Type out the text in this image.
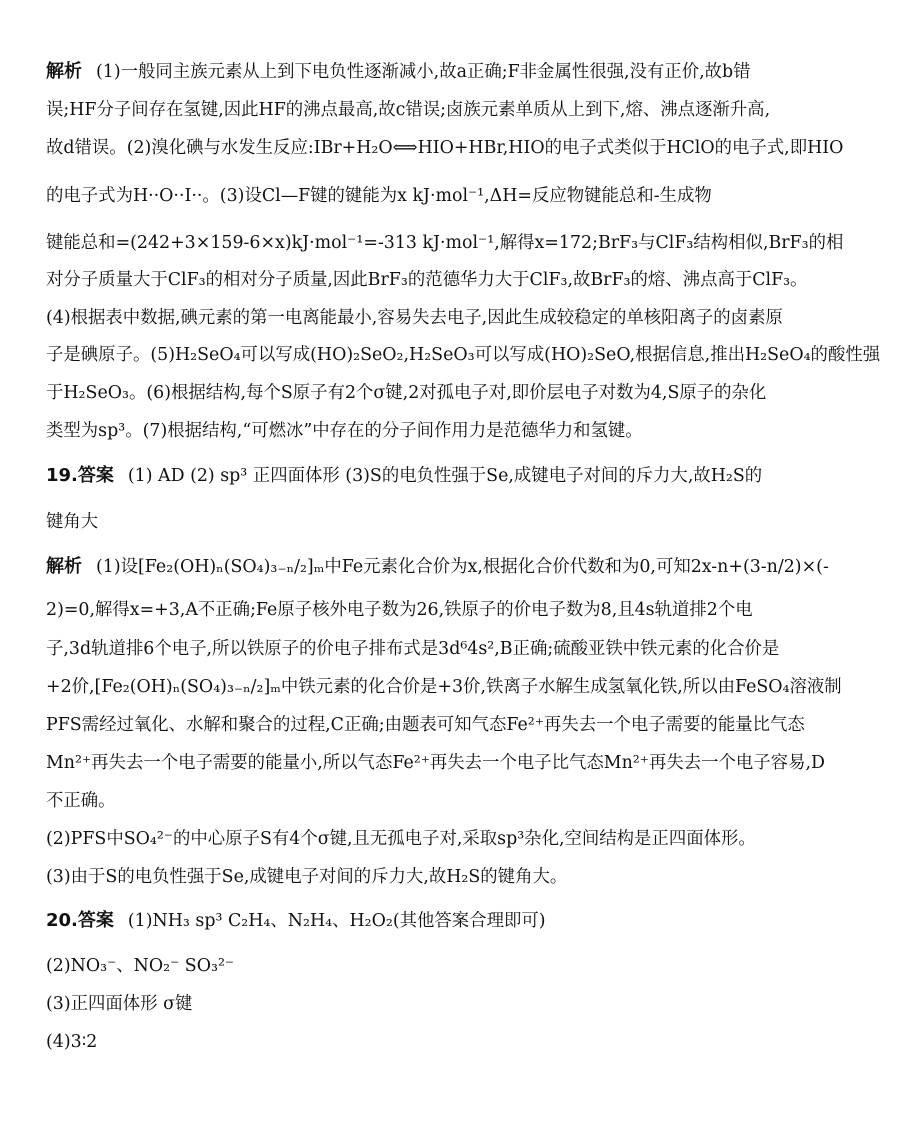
解析 (1)一般同主族元素从上到下电负性逐渐减小,故a正确;F非金属性很强,没有正价,故b错
误;HF分子间存在氢键,因此HF的沸点最高,故c错误;卤族元素单质从上到下,熔、沸点逐渐升高,
故d错误。(2)溴化碘与水发生反应:IBr+H₂O⟺HIO+HBr,HIO的电子式类似于HClO的电子式,即HIO
的电子式为H··O··I··。(3)设Cl—F键的键能为x kJ·mol⁻¹,ΔH=反应物键能总和-生成物
键能总和=(242+3×159-6×x)kJ·mol⁻¹=-313 kJ·mol⁻¹,解得x=172;BrF₃与ClF₃结构相似,BrF₃的相
对分子质量大于ClF₃的相对分子质量,因此BrF₃的范德华力大于ClF₃,故BrF₃的熔、沸点高于ClF₃。
(4)根据表中数据,碘元素的第一电离能最小,容易失去电子,因此生成较稳定的单核阳离子的卤素原
子是碘原子。(5)H₂SeO₄可以写成(HO)₂SeO₂,H₂SeO₃可以写成(HO)₂SeO,根据信息,推出H₂SeO₄的酸性强
于H₂SeO₃。(6)根据结构,每个S原子有2个σ键,2对孤电子对,即价层电子对数为4,S原子的杂化
类型为sp³。(7)根据结构,“可燃冰”中存在的分子间作用力是范德华力和氢键。
19.答案 (1) AD (2) sp³ 正四面体形 (3)S的电负性强于Se,成键电子对间的斥力大,故H₂S的
键角大
解析 (1)设[Fe₂(OH)ₙ(SO₄)₃₋ₙ/₂]ₘ中Fe元素化合价为x,根据化合价代数和为0,可知2x-n+(3-n/2)×(-
2)=0,解得x=+3,A不正确;Fe原子核外电子数为26,铁原子的价电子数为8,且4s轨道排2个电
子,3d轨道排6个电子,所以铁原子的价电子排布式是3d⁶4s²,B正确;硫酸亚铁中铁元素的化合价是
+2价,[Fe₂(OH)ₙ(SO₄)₃₋ₙ/₂]ₘ中铁元素的化合价是+3价,铁离子水解生成氢氧化铁,所以由FeSO₄溶液制
PFS需经过氧化、水解和聚合的过程,C正确;由题表可知气态Fe²⁺再失去一个电子需要的能量比气态
Mn²⁺再失去一个电子需要的能量小,所以气态Fe²⁺再失去一个电子比气态Mn²⁺再失去一个电子容易,D
不正确。
(2)PFS中SO₄²⁻的中心原子S有4个σ键,且无孤电子对,采取sp³杂化,空间结构是正四面体形。
(3)由于S的电负性强于Se,成键电子对间的斥力大,故H₂S的键角大。
20.答案 (1)NH₃ sp³ C₂H₄、N₂H₄、H₂O₂(其他答案合理即可)
(2)NO₃⁻、NO₂⁻ SO₃²⁻
(3)正四面体形 σ键
(4)3∶2
